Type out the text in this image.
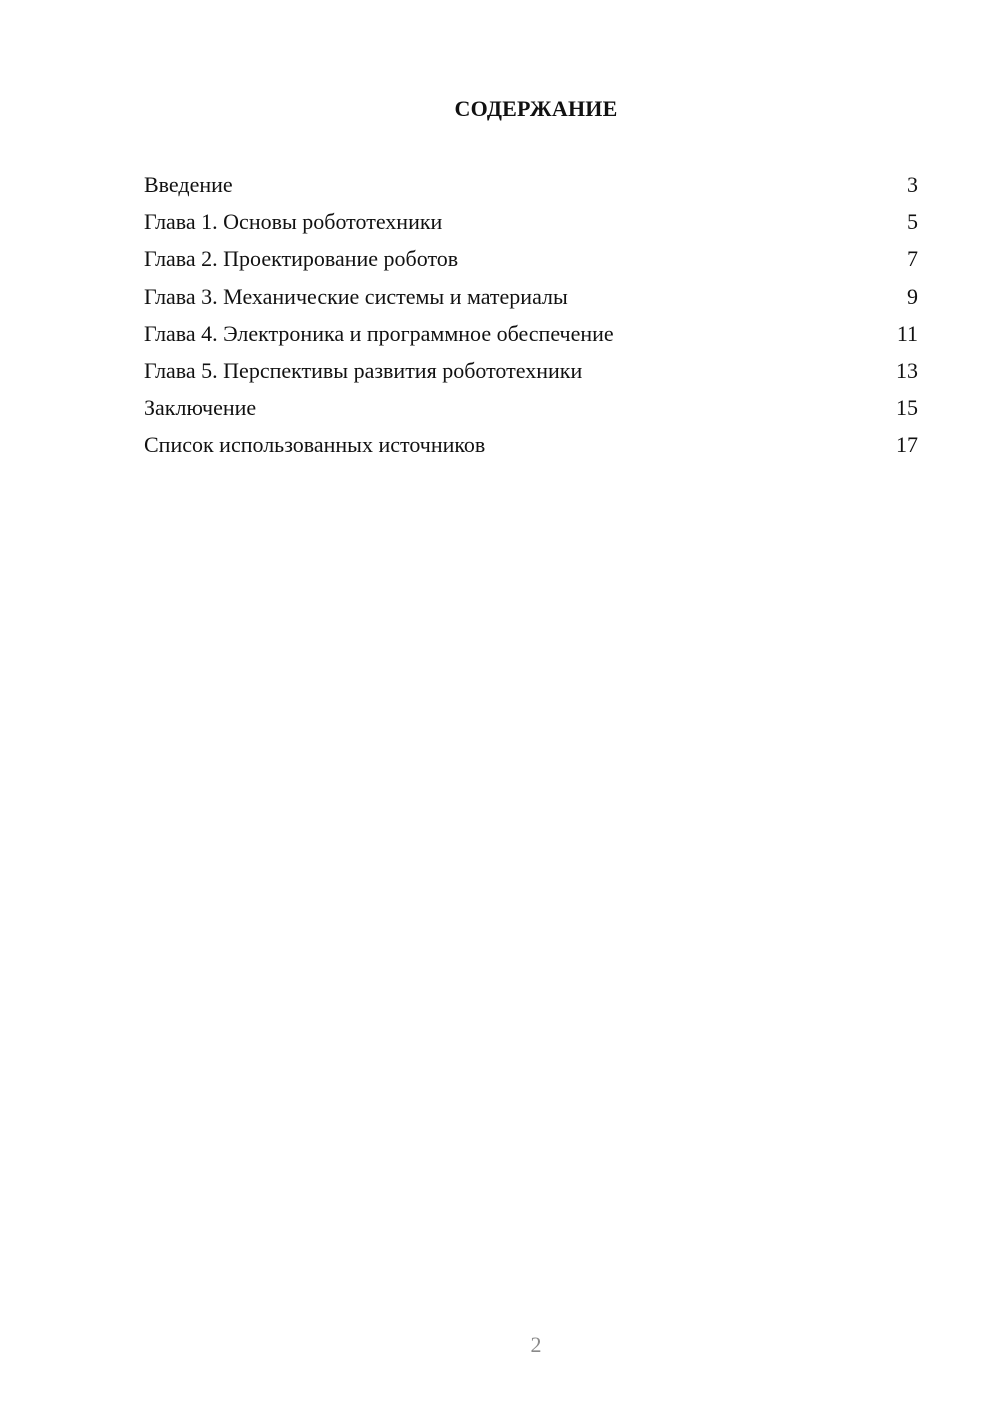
СОДЕРЖАНИЕ
Введение	3
Глава 1. Основы робототехники	5
Глава 2. Проектирование роботов	7
Глава 3. Механические системы и материалы	9
Глава 4. Электроника и программное обеспечение	11
Глава 5. Перспективы развития робототехники	13
Заключение	15
Список использованных источников	17
2
